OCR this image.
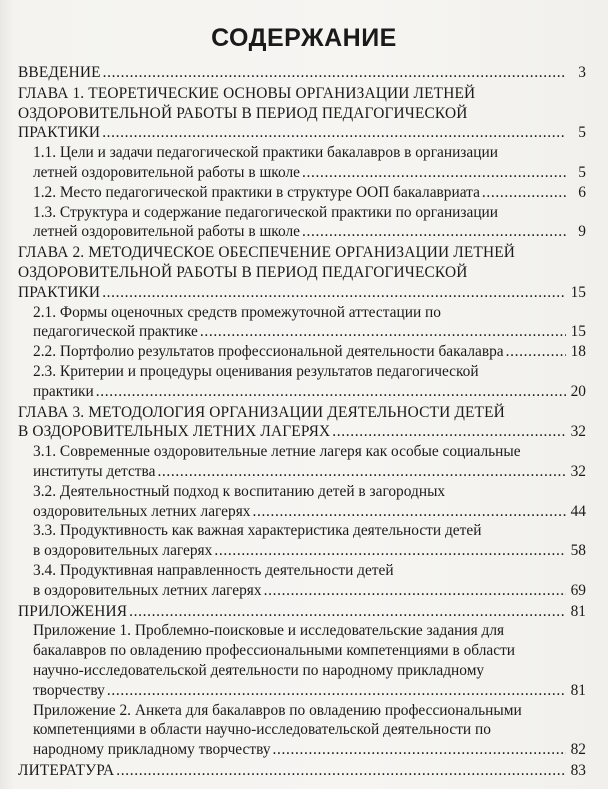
СОДЕРЖАНИЕ
ВВЕДЕНИЕ . . .	3
ГЛАВА 1. ТЕОРЕТИЧЕСКИЕ ОСНОВЫ ОРГАНИЗАЦИИ ЛЕТНЕЙ
ОЗДОРОВИТЕЛЬНОЙ РАБОТЫ В ПЕРИОД ПЕДАГОГИЧЕСКОЙ
ПРАКТИКИ . . .	5
1.1. Цели и задачи педагогической практики бакалавров в организации
летней оздоровительной работы в школе . . .	5
1.2. Место педагогической практики в структуре ООП бакалавриата . . .	6
1.3. Структура и содержание педагогической практики по организации
летней оздоровительной работы в школе . . .	9
ГЛАВА 2. МЕТОДИЧЕСКОЕ ОБЕСПЕЧЕНИЕ ОРГАНИЗАЦИИ ЛЕТНЕЙ
ОЗДОРОВИТЕЛЬНОЙ РАБОТЫ В ПЕРИОД ПЕДАГОГИЧЕСКОЙ
ПРАКТИКИ . . .	15
2.1. Формы оценочных средств промежуточной аттестации по
педагогической практике . . .	15
2.2. Портфолио результатов профессиональной деятельности бакалавра . . .	18
2.3. Критерии и процедуры оценивания результатов педагогической
практики . . .	20
ГЛАВА 3. МЕТОДОЛОГИЯ ОРГАНИЗАЦИИ ДЕЯТЕЛЬНОСТИ ДЕТЕЙ
В ОЗДОРОВИТЕЛЬНЫХ ЛЕТНИХ ЛАГЕРЯХ . . .	32
3.1. Современные оздоровительные летние лагеря как особые социальные
институты детства . . .	32
3.2. Деятельностный подход к воспитанию детей в загородных
оздоровительных летних лагерях . . .	44
3.3. Продуктивность как важная характеристика деятельности детей
в оздоровительных лагерях . . .	58
3.4. Продуктивная направленность деятельности детей
в оздоровительных летних лагерях . . .	69
ПРИЛОЖЕНИЯ . . .	81
Приложение 1. Проблемно-поисковые и исследовательские задания для
бакалавров по овладению профессиональными компетенциями в области
научно-исследовательской деятельности по народному прикладному
творчеству . . .	81
Приложение 2. Анкета для бакалавров по овладению профессиональными
компетенциями в области научно-исследовательской деятельности по
народному прикладному творчеству . . .	82
ЛИТЕРАТУРА . . .	83
